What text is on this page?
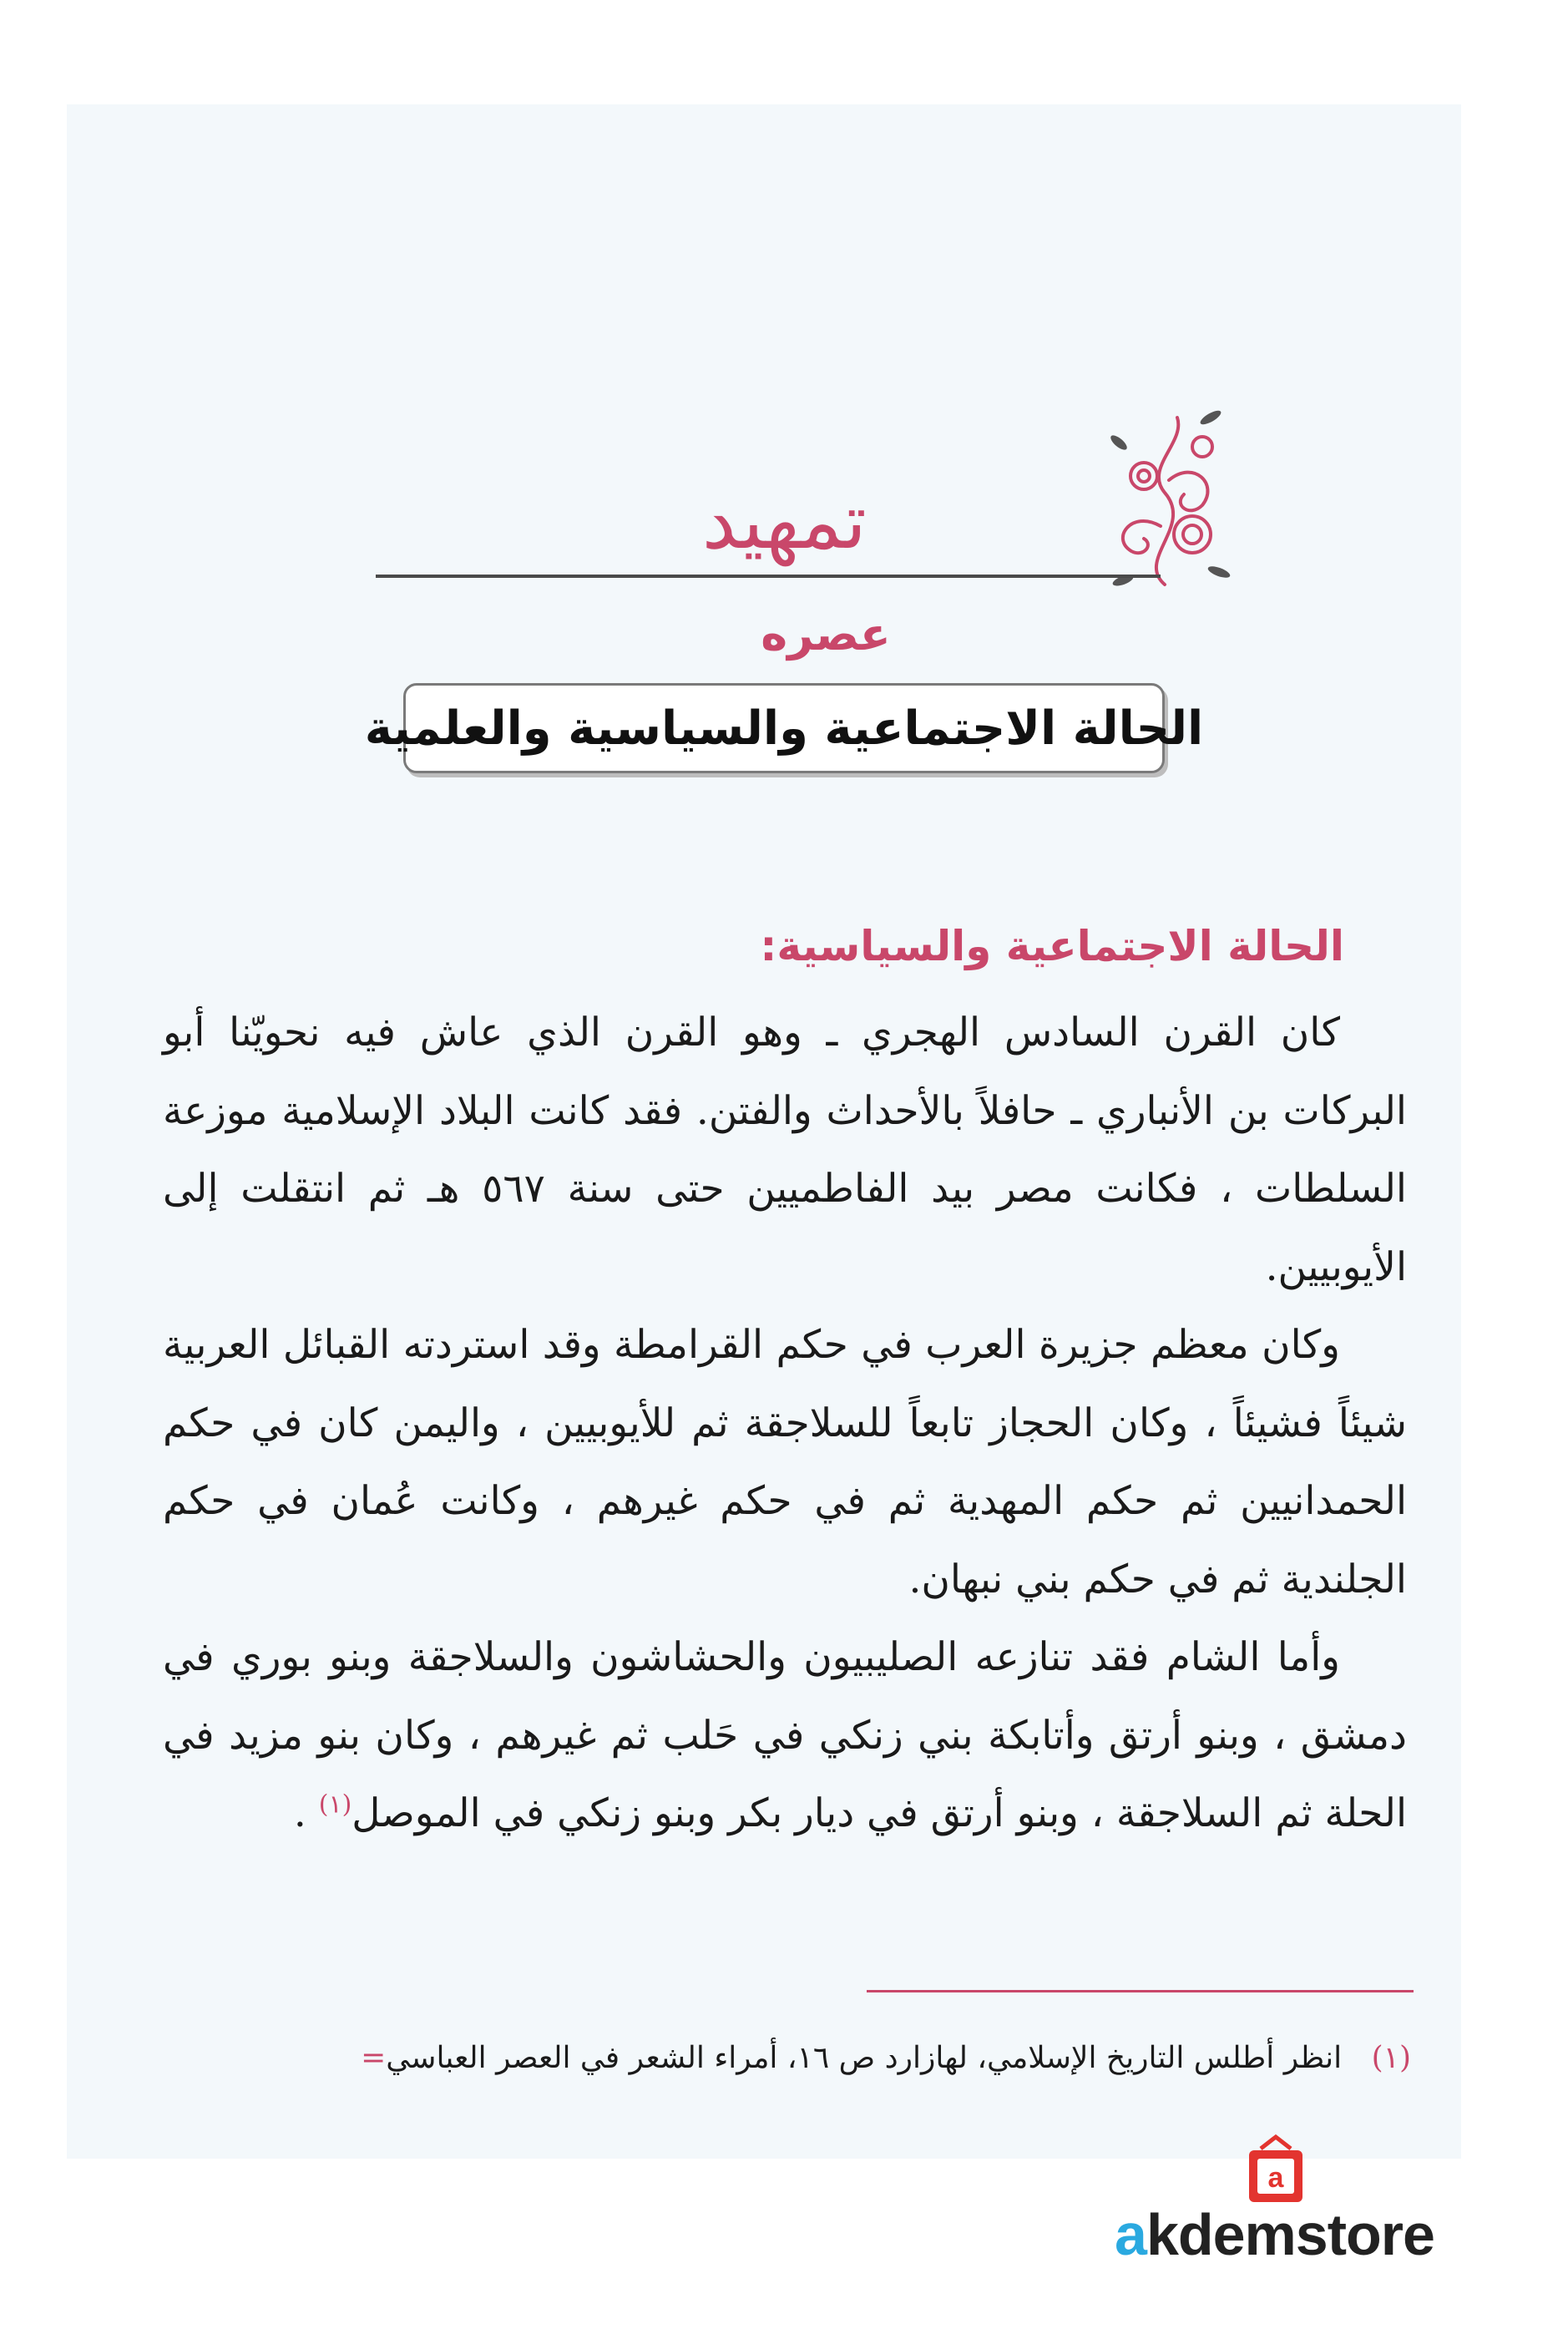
تمهيد
عصره
الحالة الاجتماعية والسياسية والعلمية
الحالة الاجتماعية والسياسية:

كان القرن السادس الهجري ـ وهو القرن الذي عاش فيه نحويّنا أبو البركات بن الأنباري ـ حافلاً بالأحداث والفتن. فقد كانت البلاد الإسلامية موزعة السلطات ، فكانت مصر بيد الفاطميين حتى سنة ٥٦٧ هـ ثم انتقلت إلى الأيوبيين.

وكان معظم جزيرة العرب في حكم القرامطة وقد استردته القبائل العربية شيئاً فشيئاً ، وكان الحجاز تابعاً للسلاجقة ثم للأيوبيين ، واليمن كان في حكم الحمدانيين ثم حكم المهدية ثم في حكم غيرهم ، وكانت عُمان في حكم الجلندية ثم في حكم بني نبهان.

وأما الشام فقد تنازعه الصليبيون والحشاشون والسلاجقة وبنو بوري في دمشق ، وبنو أرتق وأتابكة بني زنكي في حَلب ثم غيرهم ، وكان بنو مزيد في الحلة ثم السلاجقة ، وبنو أرتق في ديار بكر وبنو زنكي في الموصل$^{(١)}$ .

(١) انظر أطلس التاريخ الإسلامي، لهازارد ص ١٦، أمراء الشعر في العصر العباسي=
a
akdemstore
